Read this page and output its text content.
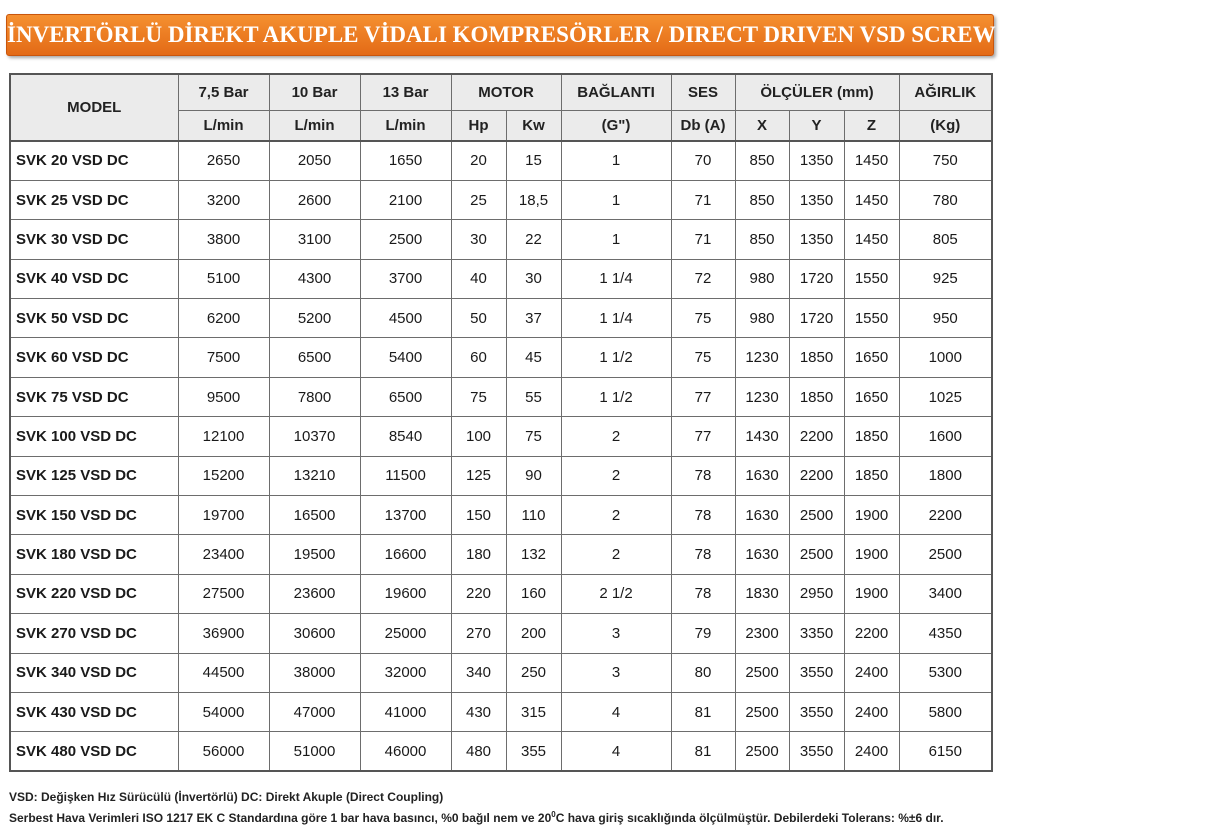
İNVERTÖRLÜ DİREKT AKUPLE VİDALI KOMPRESÖRLER / DIRECT DRIVEN VSD SCREW AIR COMPRESSORS
MODEL	7,5 Bar	10 Bar	13 Bar	MOTOR		BAĞLANTI	SES	ÖLÇÜLER (mm)			AĞIRLIK
	L/min	L/min	L/min	Hp	Kw	(G")	Db (A)	X	Y	Z	(Kg)
SVK 20 VSD DC	2650	2050	1650	20	15	1	70	850	1350	1450	750
SVK 25 VSD DC	3200	2600	2100	25	18,5	1	71	850	1350	1450	780
SVK 30 VSD DC	3800	3100	2500	30	22	1	71	850	1350	1450	805
SVK 40 VSD DC	5100	4300	3700	40	30	1 1/4	72	980	1720	1550	925
SVK 50 VSD DC	6200	5200	4500	50	37	1 1/4	75	980	1720	1550	950
SVK 60 VSD DC	7500	6500	5400	60	45	1 1/2	75	1230	1850	1650	1000
SVK 75 VSD DC	9500	7800	6500	75	55	1 1/2	77	1230	1850	1650	1025
SVK 100 VSD DC	12100	10370	8540	100	75	2	77	1430	2200	1850	1600
SVK 125 VSD DC	15200	13210	11500	125	90	2	78	1630	2200	1850	1800
SVK 150 VSD DC	19700	16500	13700	150	110	2	78	1630	2500	1900	2200
SVK 180 VSD DC	23400	19500	16600	180	132	2	78	1630	2500	1900	2500
SVK 220 VSD DC	27500	23600	19600	220	160	2 1/2	78	1830	2950	1900	3400
SVK 270 VSD DC	36900	30600	25000	270	200	3	79	2300	3350	2200	4350
SVK 340 VSD DC	44500	38000	32000	340	250	3	80	2500	3550	2400	5300
SVK 430 VSD DC	54000	47000	41000	430	315	4	81	2500	3550	2400	5800
SVK 480 VSD DC	56000	51000	46000	480	355	4	81	2500	3550	2400	6150
VSD: Değişken Hız Sürücülü (İnvertörlü) DC: Direkt Akuple (Direct Coupling)
Serbest Hava Verimleri ISO 1217 EK C Standardına göre 1 bar hava basıncı, %0 bağıl nem ve $20^0C$ hava giriş sıcaklığında ölçülmüştür. Debilerdeki Toleran​s: %±6 dır.
